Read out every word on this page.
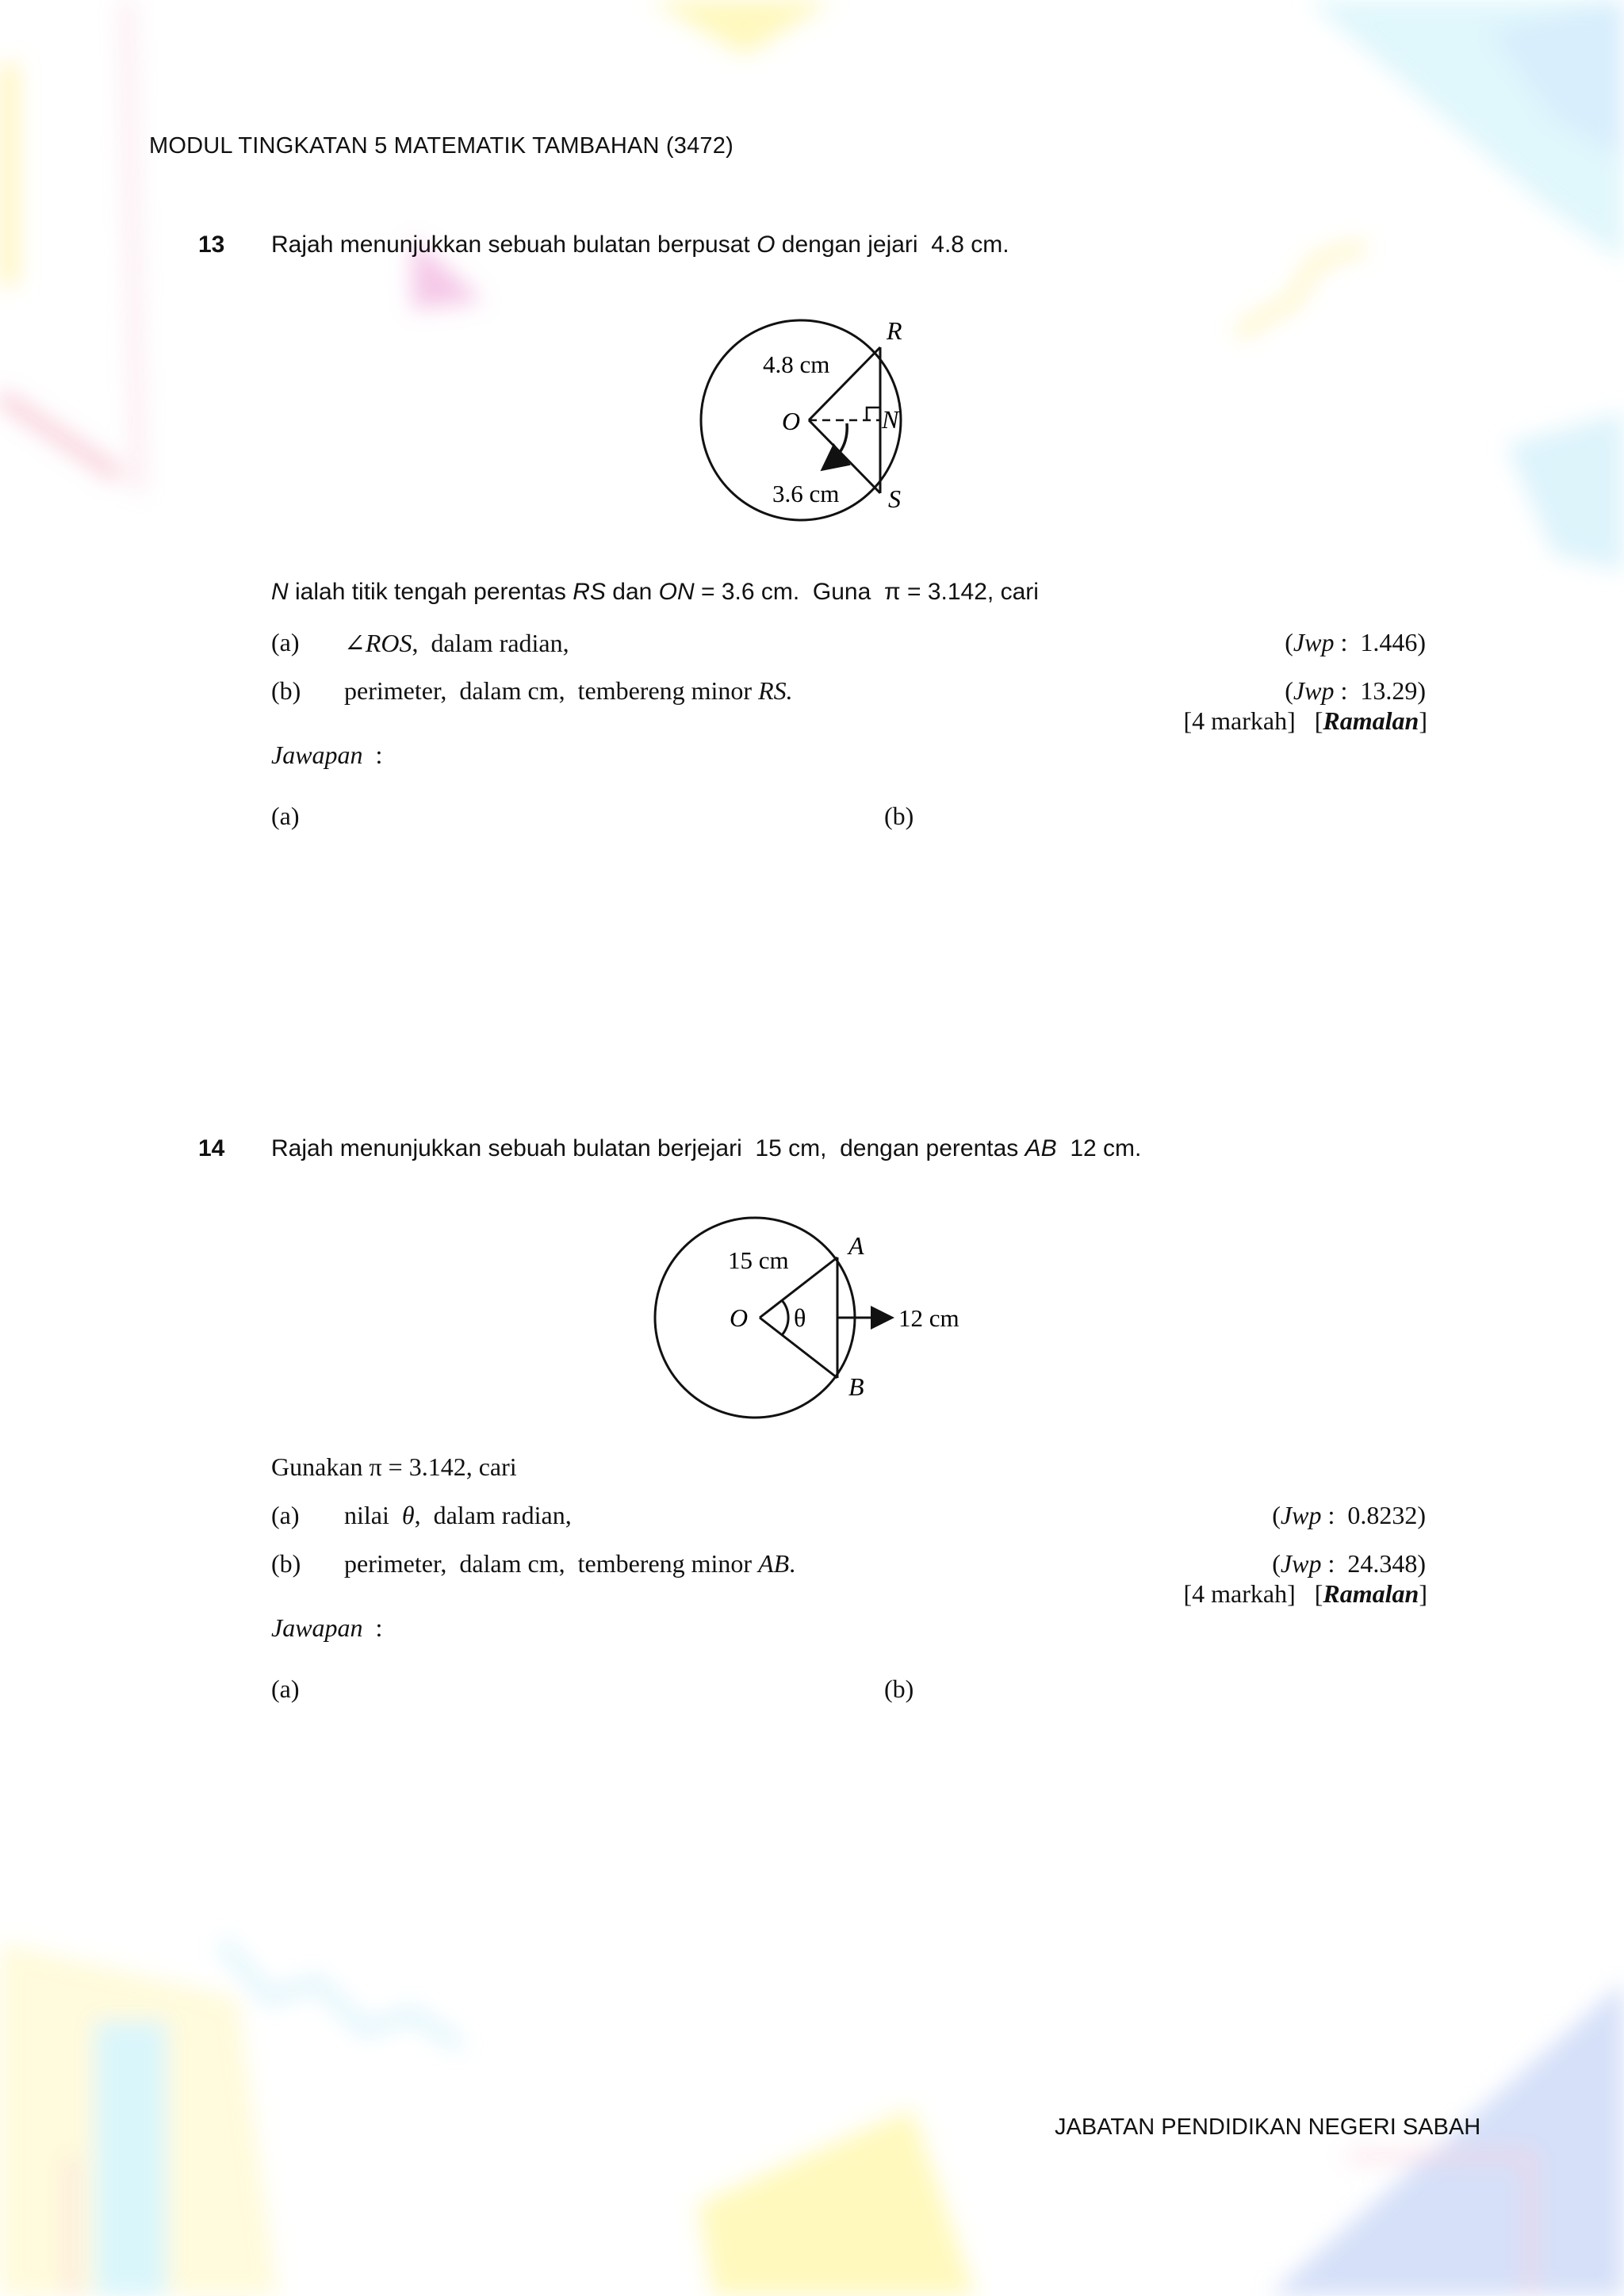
MODUL TINGKATAN 5 MATEMATIK TAMBAHAN (3472)
13 Rajah menunjukkan sebuah bulatan berpusat O dengan jejari  4.8 cm.
R
O	N
S
4.8 cm
3.6 cm
N ialah titik tengah perentas RS dan ON = 3.6 cm.  Guna  π = 3.142, cari
(a) ∠ROS,  dalam radian,	(Jwp :  1.446)
(b) perimeter,  dalam cm,  tembereng minor RS.	(Jwp :  13.29)
[4 markah]   [Ramalan]
Jawapan  :
(a)	(b)
14 Rajah menunjukkan sebuah bulatan berjejari  15 cm,  dengan perentas AB  12 cm.
A
O
B
θ
15 cm
12 cm
Gunakan π = 3.142, cari
(a) nilai  θ,  dalam radian,	(Jwp :  0.8232)
(b) perimeter,  dalam cm,  tembereng minor AB.	(Jwp :  24.348)
[4 markah]   [Ramalan]
Jawapan  :
(a)	(b)
JABATAN PENDIDIKAN NEGERI SABAH
